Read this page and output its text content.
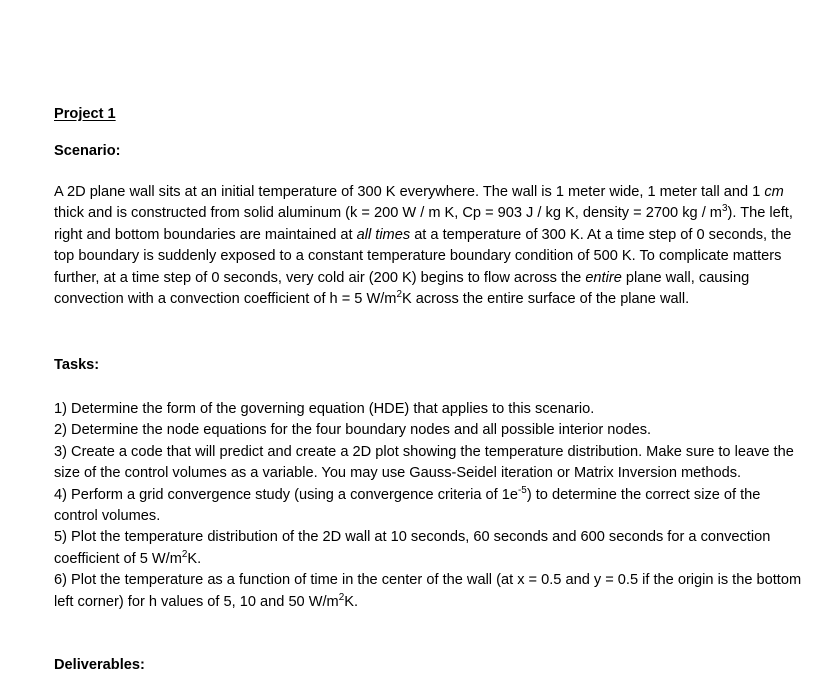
Project 1
Scenario:
A 2D plane wall sits at an initial temperature of 300 K everywhere. The wall is 1 meter wide, 1 meter tall and 1 cm thick and is constructed from solid aluminum (k = 200 W / m K, Cp = 903 J / kg K, density = 2700 kg / $m^3$). The left, right and bottom boundaries are maintained at all times at a temperature of 300 K. At a time step of 0 seconds, the top boundary is suddenly exposed to a constant temperature boundary condition of 500 K. To complicate matters further, at a time step of 0 seconds, very cold air (200 K) begins to flow across the entire plane wall, causing convection with a convection coefficient of h = 5 $W/m^2K$ across the entire surface of the plane wall.
Tasks:
1) Determine the form of the governing equation (HDE) that applies to this scenario.
2) Determine the node equations for the four boundary nodes and all possible interior nodes.
3) Create a code that will predict and create a 2D plot showing the temperature distribution. Make sure to leave the size of the control volumes as a variable. You may use Gauss-Seidel iteration or Matrix Inversion methods.
4) Perform a grid convergence study (using a convergence criteria of $1e^{-5}$) to determine the correct size of the control volumes.
5) Plot the temperature distribution of the 2D wall at 10 seconds, 60 seconds and 600 seconds for a convection coefficient of 5 $W/m^2K$.
6) Plot the temperature as a function of time in the center of the wall (at x = 0.5 and y = 0.5 if the origin is the bottom left corner) for h values of 5, 10 and 50 $W/m^2K$.
Deliverables:
